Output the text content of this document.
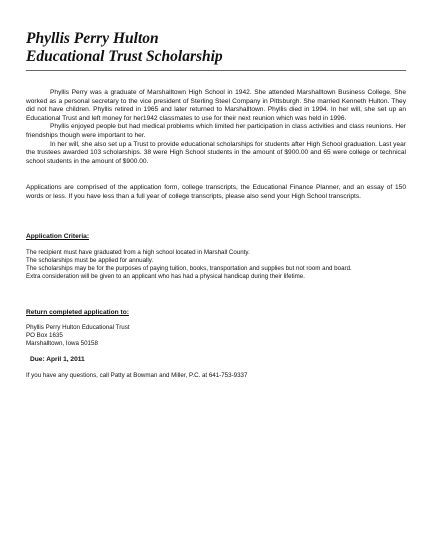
Phyllis Perry Hulton

Educational Trust Scholarship

Phyllis Perry was a graduate of Marshalltown High School in 1942. She attended Marshalltown Business College. She worked as a personal secretary to the vice president of Sterling Steel Company in Pittsburgh. She married Kenneth Hulton. They did not have children. Phyllis retired in 1965 and later returned to Marshalltown. Phyllis died in 1994. In her will, she set up an Educational Trust and left money for her1942 classmates to use for their next reunion which was held in 1996.

Phyllis enjoyed people but had medical problems which limited her participation in class activities and class reunions. Her friendships though were important to her.

In her will, she also set up a Trust to provide educational scholarships for students after High School graduation. Last year the trustees awarded 103 scholarships. 38 were High School students in the amount of $900.00 and 65 were college or technical school students in the amount of $900.00.

Applications are comprised of the application form, college transcripts, the Educational Finance Planner, and an essay of 150 words or less. If you have less than a full year of college transcripts, please also send your High School transcripts.

Application Criteria:

The recipient must have graduated from a high school located in Marshall County.

The scholarships must be applied for annually.

The scholarships may be for the purposes of paying tuition, books, transportation and supplies but not room and board.

Extra consideration will be given to an applicant who has had a physical handicap during their lifetime.

Return completed application to:

Phyllis Perry Hulton Educational Trust

PO Box 1635

Marshalltown, Iowa 50158

Due: April 1, 2011

If you have any questions, call Patty at Bowman and Miller, P.C. at 641-753-9337
